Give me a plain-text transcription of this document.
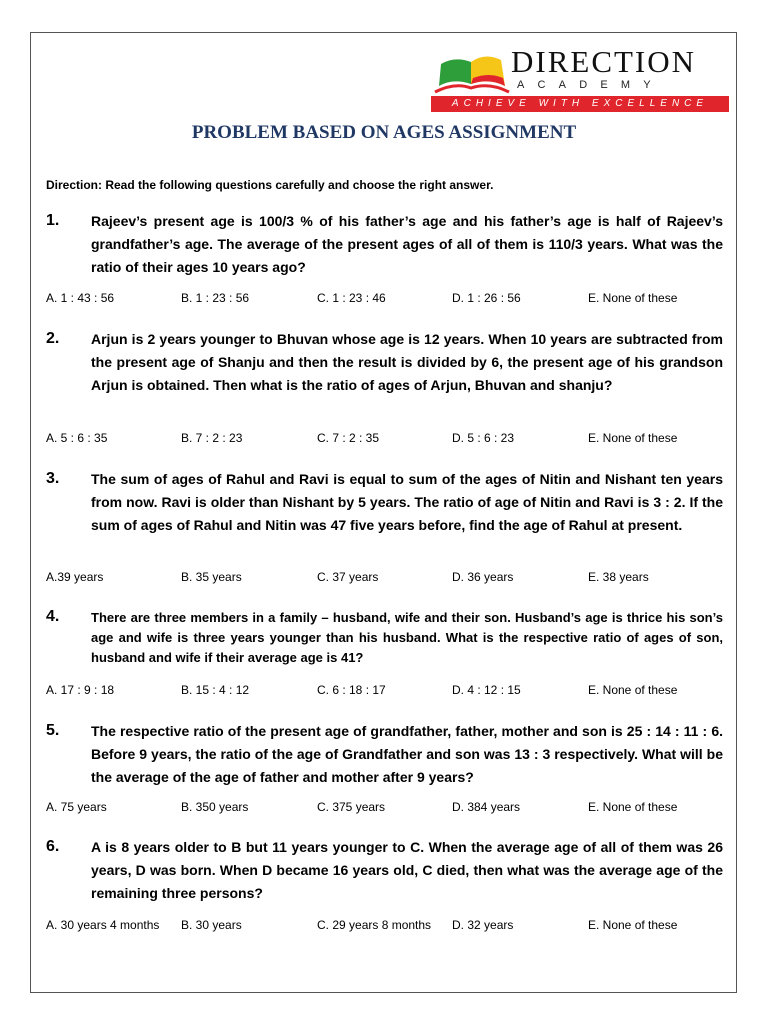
DIRECTION
ACADEMY
ACHIEVE WITH EXCELLENCE
PROBLEM BASED ON AGES ASSIGNMENT
Direction: Read the following questions carefully and choose the right answer.
1. Rajeev’s present age is 100/3 % of his father’s age and his father’s age is half of Rajeev’s grandfather’s age. The average of the present ages of all of them is 110/3 years. What was the ratio of their ages 10 years ago?
A. 1 : 43 : 56	B. 1 : 23 : 56	C. 1 : 23 : 46	D. 1 : 26 : 56	E. None of these
2. Arjun is 2 years younger to Bhuvan whose age is 12 years. When 10 years are subtracted from the present age of Shanju and then the result is divided by 6, the present age of his grandson Arjun is obtained. Then what is the ratio of ages of Arjun, Bhuvan and shanju?
A. 5 : 6 : 35	B. 7 : 2 : 23	C. 7 : 2 : 35	D. 5 : 6 : 23	E. None of these
3. The sum of ages of Rahul and Ravi is equal to sum of the ages of Nitin and Nishant ten years from now. Ravi is older than Nishant by 5 years. The ratio of age of Nitin and Ravi is 3 : 2. If the sum of ages of Rahul and Nitin was 47 five years before, find the age of Rahul at present.
A.39 years	B. 35 years	C. 37 years	D. 36 years	E. 38 years
4. There are three members in a family – husband, wife and their son. Husband’s age is thrice his son’s age and wife is three years younger than his husband. What is the respective ratio of ages of son, husband and wife if their average age is 41?
A. 17 : 9 : 18	B. 15 : 4 : 12	C. 6 : 18 : 17	D. 4 : 12 : 15	E. None of these
5. The respective ratio of the present age of grandfather, father, mother and son is 25 : 14 : 11 : 6. Before 9 years, the ratio of the age of Grandfather and son was 13 : 3 respectively. What will be the average of the age of father and mother after 9 years?
A. 75 years	B. 350 years	C. 375 years	D. 384 years	E. None of these
6. A is 8 years older to B but 11 years younger to C. When the average age of all of them was 26 years, D was born. When D became 16 years old, C died, then what was the average age of the remaining three persons?
A. 30 years 4 months B. 30 years	C. 29 years 8 months D. 32 years	E. None of these
